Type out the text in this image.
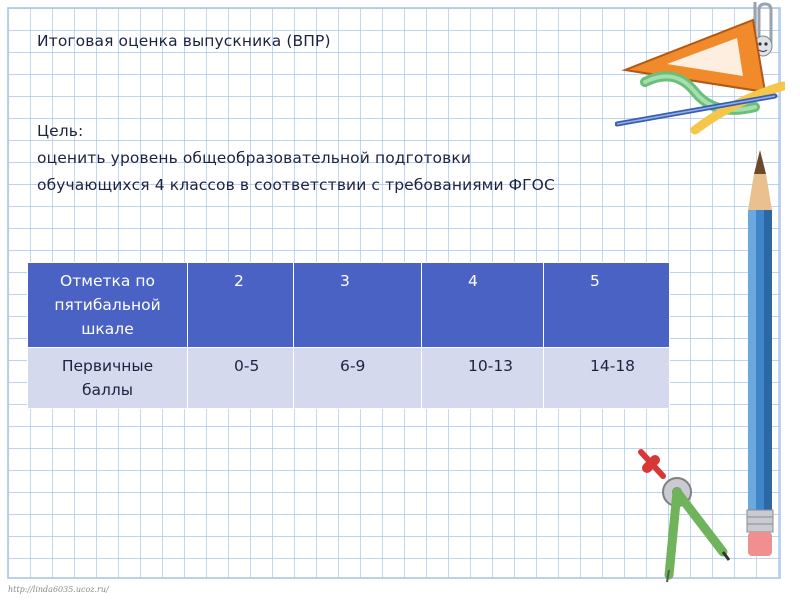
Итоговая оценка выпускника (ВПР)
Цель:
оценить уровень общеобразовательной подготовки
обучающихся 4 классов в соответствии с требованиями ФГОС
Отметка по пятибальной шкале	2	3	4	5
Первичные баллы	0-5	6-9	10-13	14-18
http://linda6035.ucoz.ru/
